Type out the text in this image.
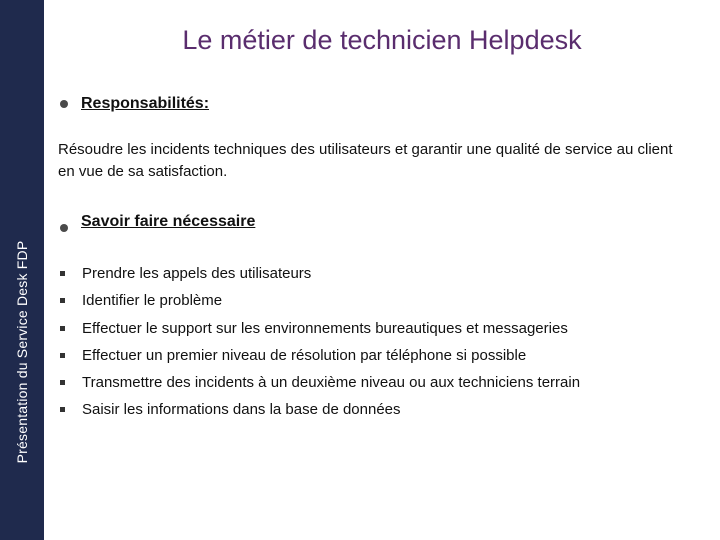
Présentation du Service Desk FDP
Le métier de technicien Helpdesk
Responsabilités:
Résoudre les incidents techniques des utilisateurs et garantir une qualité de service au client en vue de sa satisfaction.
Savoir faire nécessaire
Prendre les appels des utilisateurs
Identifier le problème
Effectuer le support sur les environnements bureautiques et messageries
Effectuer un premier niveau de résolution par téléphone si possible
Transmettre des incidents à un deuxième niveau ou aux techniciens terrain
Saisir les informations dans la base de données
